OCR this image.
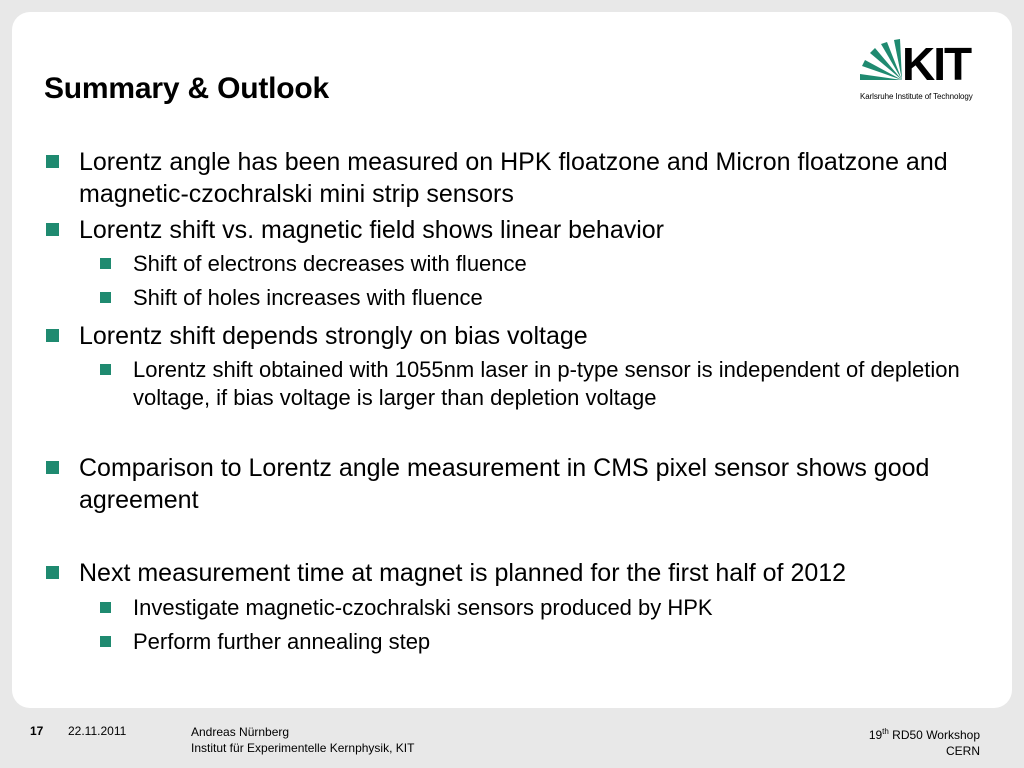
Summary & Outlook	KIT
Karlsruhe Institute of Technology
Lorentz angle has been measured on HPK floatzone and Micron floatzone and magnetic-czochralski mini strip sensors
Lorentz shift vs. magnetic field shows linear behavior
Shift of electrons decreases with fluence
Shift of holes increases with fluence
Lorentz shift depends strongly on bias voltage
Lorentz shift obtained with 1055nm laser in p-type sensor is independent of depletion voltage, if bias voltage is larger than depletion voltage
Comparison to Lorentz angle measurement in CMS pixel sensor shows good agreement
Next measurement time at magnet is planned for the first half of 2012
Investigate magnetic-czochralski sensors produced by HPK
Perform further annealing step
17 22.11.2011	Andreas Nürnberg
Institut für Experimentelle Kernphysik, KIT
19th RD50 Workshop
CERN
